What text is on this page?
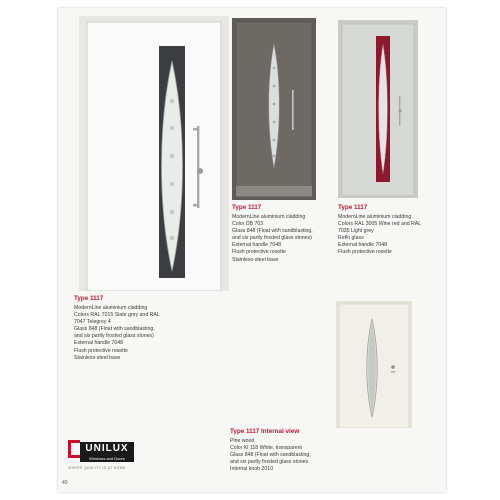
Type 1117
ModernLine aluminium cladding
Colors RAL 7015 Slate grey and RAL
7047 Telegrey 4
Glass 848 (Float with sandblasting,
and six partly frosted glass stones)
External handle 7048
Flush protective rosette
Stainless-steel base
Type 1117
ModernLine aluminium cladding
Color DB 703
Glass 848 (Float with sandblasting,
and six partly frosted glass stones)
External handle 7048
Flush protective rosette
Stainless-steel base
Type 1117
ModernLine aluminium cladding
Colors RAL 3005 Wine red and RAL
7035 Light grey
Reflo glass
External handle 7048
Flush protective rosette
Type 1117 Internal view
Pine wood
Color Kl 118 White, transparent
Glass 848 (Float with sandblasting,
and six partly frosted glass stones
Internal knob 2010
UNILUX
Windows and Doors
WHERE QUALITY IS AT HOME
40
